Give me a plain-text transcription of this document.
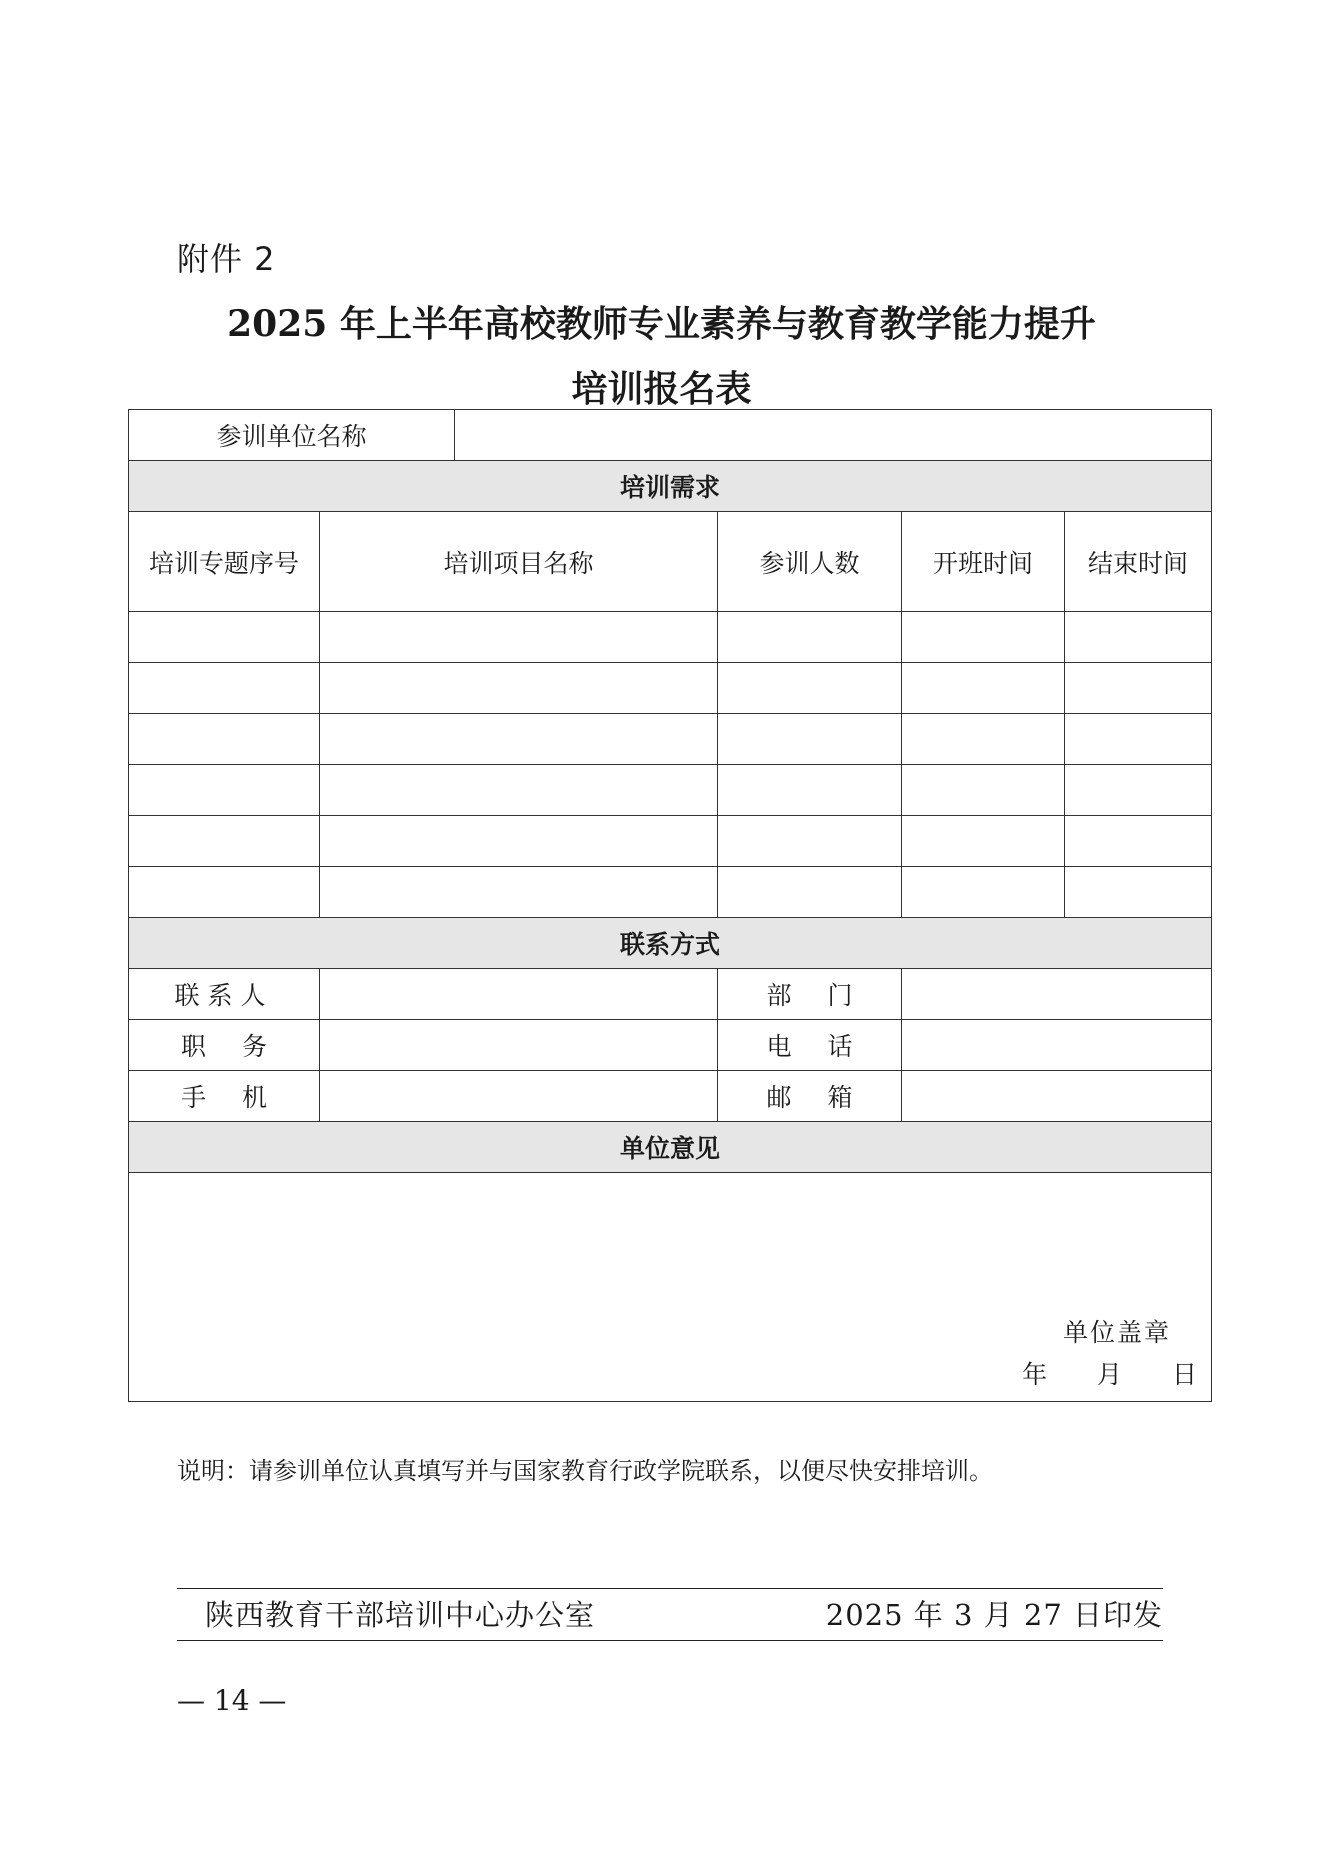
附件 2
2025 年上半年高校教师专业素养与教育教学能力提升
培训报名表
参训单位名称					
培训需求					
培训专题序号	培训项目名称		参训人数	开班时间	结束时间

联系方式					
联系人			部门		
职务			电话		
手机			邮箱		
单位意见					

单位盖章
年 月 日					
说明：请参训单位认真填写并与国家教育行政学院联系，以便尽快安排培训。
陕西教育干部培训中心办公室	2025 年 3 月 27 日印发
— 14 —
